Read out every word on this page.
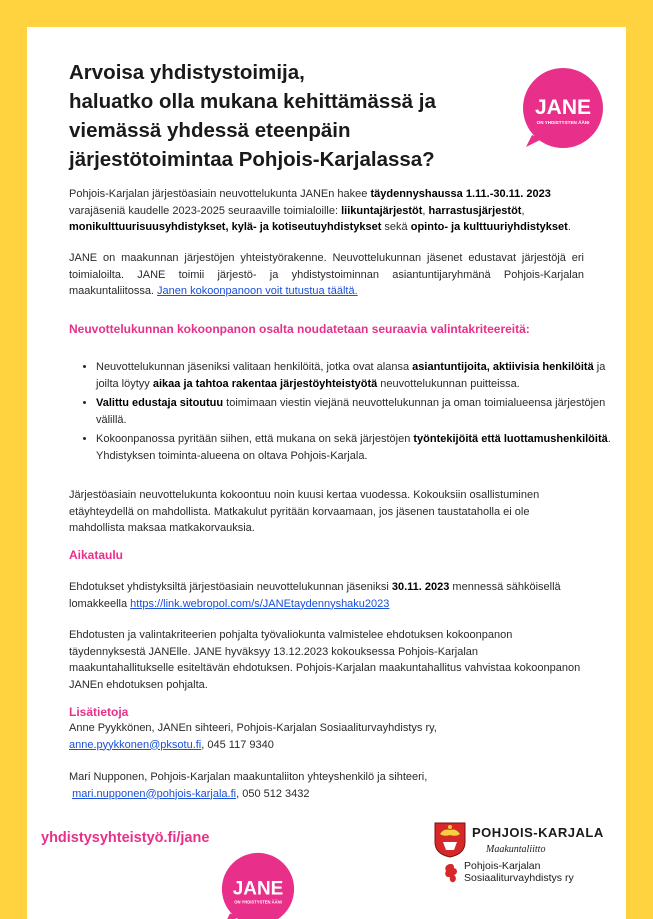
Arvoisa yhdistystoimija,
haluatko olla mukana kehittämässä ja
viemässä yhdessä eteenpäin
järjestötoimintaa Pohjois-Karjalassa?
JANE
ON YHDISTYSTEN ÄÄNI

Pohjois-Karjalan järjestöasiain neuvottelukunta JANEn hakee täydennyshaussa 1.11.-30.11. 2023 varajäseniä kaudelle 2023-2025 seuraaville toimialoille: liikuntajärjestöt, harrastusjärjestöt, monikulttuurisuusyhdistykset, kylä- ja kotiseutuyhdistykset sekä opinto- ja kulttuuriyhdistykset.

JANE on maakunnan järjestöjen yhteistyörakenne. Neuvottelukunnan jäsenet edustavat järjestöjä eri toimialoilta. JANE toimii järjestö- ja yhdistystoiminnan asiantuntijaryhmänä Pohjois-Karjalan maakuntaliitossa. Janen kokoonpanoon voit tutustua täältä.

Neuvottelukunnan kokoonpanon osalta noudatetaan seuraavia valintakriteereitä:

• Neuvottelukunnan jäseniksi valitaan henkilöitä, jotka ovat alansa asiantuntijoita, aktiivisia henkilöitä ja joilta löytyy aikaa ja tahtoa rakentaa järjestöyhteistyötä neuvottelukunnan puitteissa.
• Valittu edustaja sitoutuu toimimaan viestin viejänä neuvottelukunnan ja oman toimialueensa järjestöjen välillä.
• Kokoonpanossa pyritään siihen, että mukana on sekä järjestöjen työntekijöitä että luottamushenkilöitä. Yhdistyksen toiminta-alueena on oltava Pohjois-Karjala.

Järjestöasiain neuvottelukunta kokoontuu noin kuusi kertaa vuodessa. Kokouksiin osallistuminen etäyhteydellä on mahdollista. Matkakulut pyritään korvaamaan, jos jäsenen taustataholla ei ole mahdollista maksaa matkakorvauksia.

Aikataulu

Ehdotukset yhdistyksiltä järjestöasiain neuvottelukunnan jäseniksi 30.11. 2023 mennessä sähköisellä lomakkeella https://link.webropol.com/s/JANEtaydennyshaku2023

Ehdotusten ja valintakriteerien pohjalta työvaliokunta valmistelee ehdotuksen kokoonpanon täydennyksestä JANElle. JANE hyväksyy 13.12.2023 kokouksessa Pohjois-Karjalan maakuntahallitukselle esiteltävän ehdotuksen. Pohjois-Karjalan maakuntahallitus vahvistaa kokoonpanon JANEn ehdotuksen pohjalta.

Lisätietoja

Anne Pyykkönen, JANEn sihteeri, Pohjois-Karjalan Sosiaaliturvayhdistys ry,
anne.pyykkonen@pksotu.fi, 045 117 9340

Mari Nupponen, Pohjois-Karjalan maakuntaliiton yhteyshenkilö ja sihteeri,
mari.nupponen@pohjois-karjala.fi, 050 512 3432

yhdistysyhteistyö.fi/jane

JANE
ON YHDISTYSTEN ÄÄNI
POHJOIS-KARJALA
Maakuntaliitto
Pohjois-Karjalan
Sosiaaliturvayhdistys ry
